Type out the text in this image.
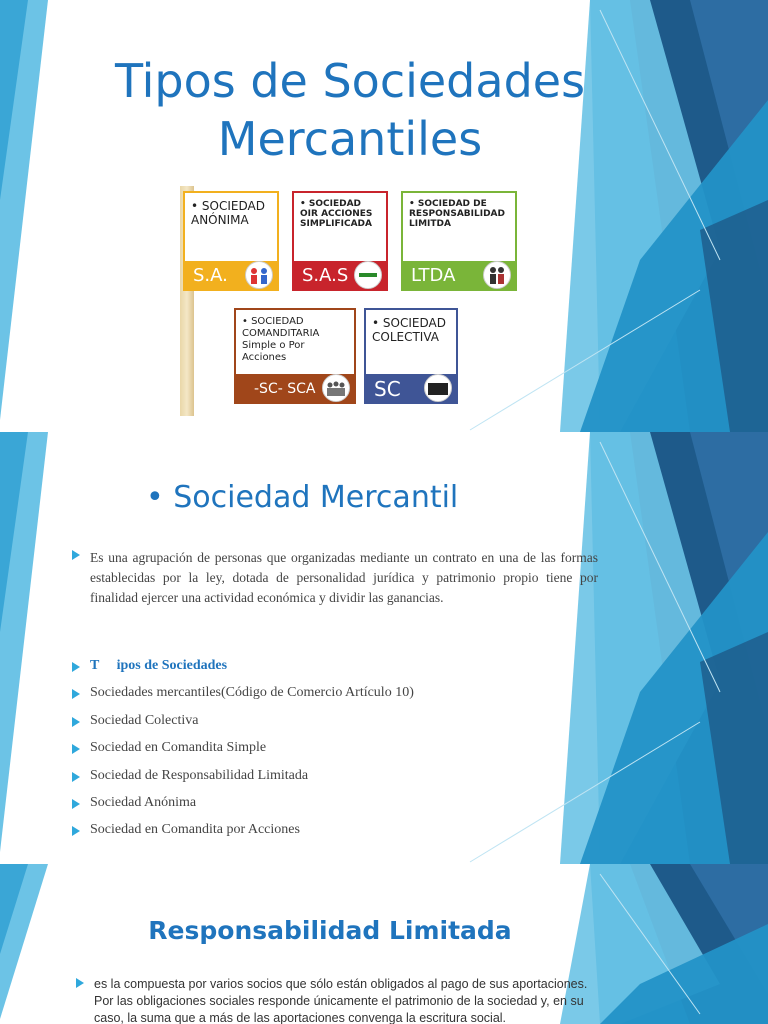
Tipos de Sociedades Mercantiles
• SOCIEDAD ANÓNIMA
S.A.
• SOCIEDAD OIR ACCIONES SIMPLIFICADA
S.A.S
• SOCIEDAD DE RESPONSABILIDAD LIMITDA
LTDA
• SOCIEDAD COMANDITARIA Simple o Por Acciones
-SC- SCA
• SOCIEDAD COLECTIVA
SC
• Sociedad Mercantil
Es una agrupación de personas que organizadas mediante un contrato en una de las formas establecidas por la ley, dotada de personalidad jurídica y patrimonio propio tiene por finalidad ejercer una actividad económica y dividir las ganancias.
T     ipos de Sociedades
Sociedades mercantiles(Código de Comercio Artículo 10)
Sociedad Colectiva
Sociedad en Comandita Simple
Sociedad de Responsabilidad Limitada
Sociedad Anónima
Sociedad en Comandita por Acciones
Responsabilidad Limitada
es la compuesta por varios socios que sólo están obligados al pago de sus aportaciones. Por las obligaciones sociales responde únicamente el patrimonio de la sociedad y, en su caso, la suma que a más de las aportaciones convenga la escritura social.
